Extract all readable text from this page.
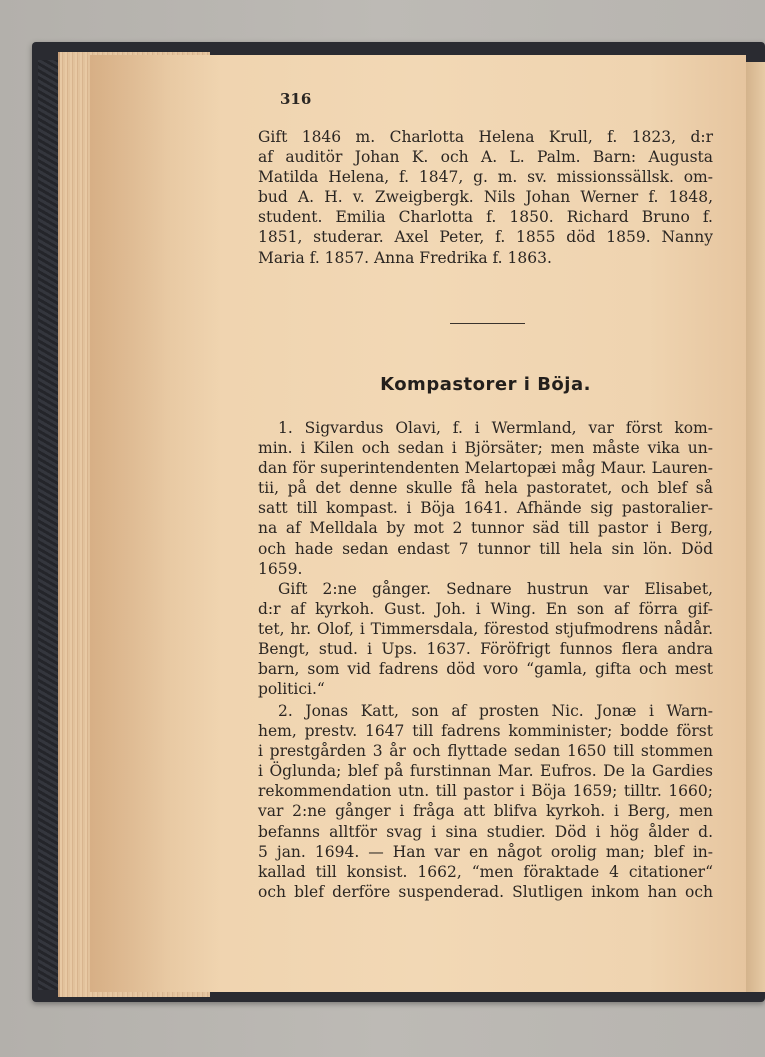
316
Gift 1846 m. Charlotta Helena Krull, f. 1823, d:r
af auditör Johan K. och A. L. Palm. Barn: Augusta
Matilda Helena, f. 1847, g. m. sv. missionssällsk. om-
bud A. H. v. Zweigbergk. Nils Johan Werner f. 1848,
student. Emilia Charlotta f. 1850. Richard Bruno f.
1851, studerar. Axel Peter, f. 1855 död 1859. Nanny
Maria f. 1857. Anna Fredrika f. 1863.
Kompastorer i Böja.
1. Sigvardus Olavi, f. i Wermland, var först kom-
min. i Kilen och sedan i Björsäter; men måste vika un-
dan för superintendenten Melartopæi måg Maur. Lauren-
tii, på det denne skulle få hela pastoratet, och blef så
satt till kompast. i Böja 1641. Afhände sig pastoralier-
na af Melldala by mot 2 tunnor säd till pastor i Berg,
och hade sedan endast 7 tunnor till hela sin lön. Död
1659.
Gift 2:ne gånger. Sednare hustrun var Elisabet,
d:r af kyrkoh. Gust. Joh. i Wing. En son af förra gif-
tet, hr. Olof, i Timmersdala, förestod stjufmodrens nådår.
Bengt, stud. i Ups. 1637. Föröfrigt funnos flera andra
barn, som vid fadrens död voro “gamla, gifta och mest
politici.“
2. Jonas Katt, son af prosten Nic. Jonæ i Warn-
hem, prestv. 1647 till fadrens komminister; bodde först
i prestgården 3 år och flyttade sedan 1650 till stommen
i Öglunda; blef på furstinnan Mar. Eufros. De la Gardies
rekommendation utn. till pastor i Böja 1659; tilltr. 1660;
var 2:ne gånger i fråga att blifva kyrkoh. i Berg, men
befanns alltför svag i sina studier. Död i hög ålder d.
5 jan. 1694. — Han var en något orolig man; blef in-
kallad till konsist. 1662, “men föraktade 4 citationer“
och blef derföre suspenderad. Slutligen inkom han och
